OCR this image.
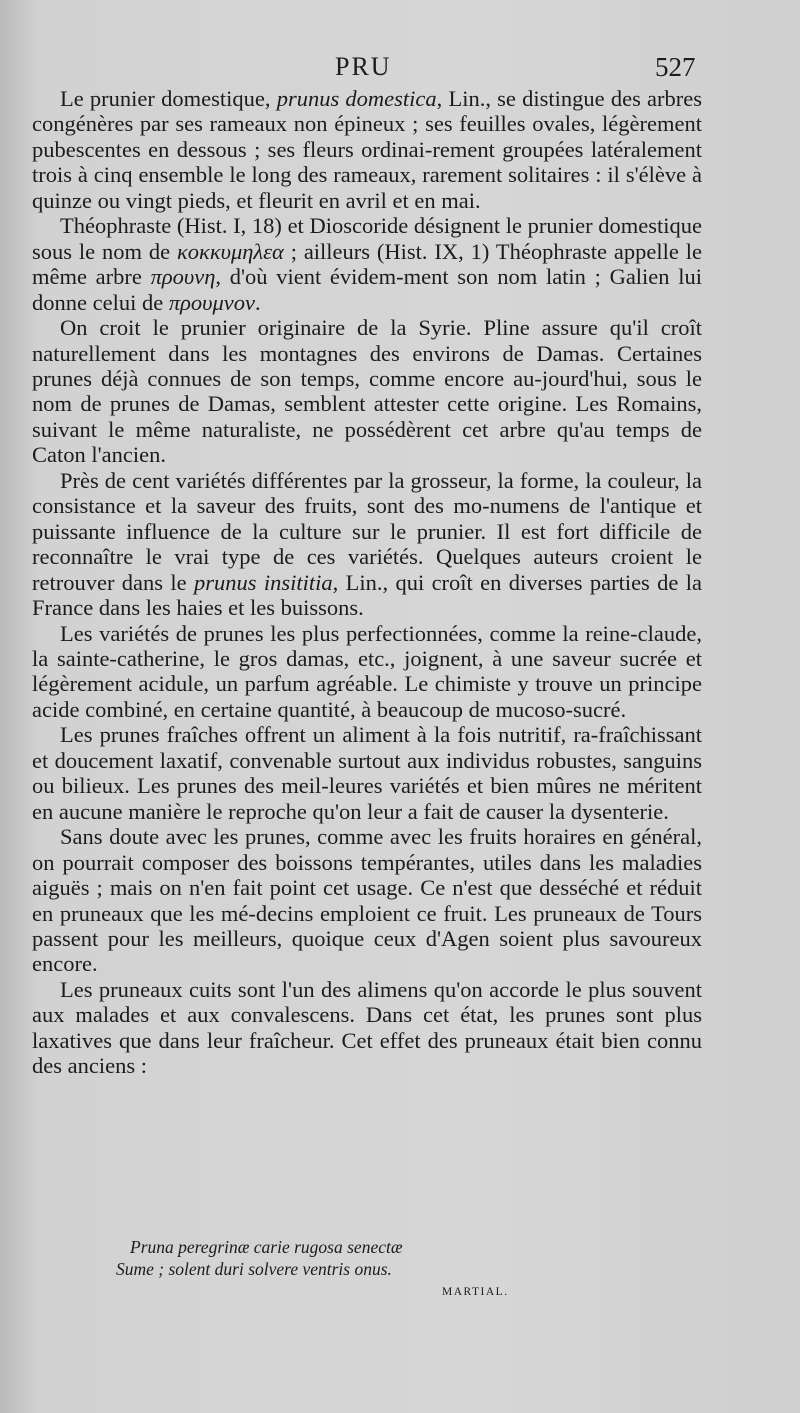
PRU	527

Le prunier domestique, prunus domestica, Lin., se distingue des arbres congénères par ses rameaux non épineux ; ses feuilles ovales, légèrement pubescentes en dessous ; ses fleurs ordinai-rement groupées latéralement trois à cinq ensemble le long des rameaux, rarement solitaires : il s'élève à quinze ou vingt pieds, et fleurit en avril et en mai.

Théophraste (Hist. I, 18) et Dioscoride désignent le prunier domestique sous le nom de κοκκυμηλεα ; ailleurs (Hist. IX, 1) Théophraste appelle le même arbre προυνη, d'où vient évidem-ment son nom latin ; Galien lui donne celui de προυμνον.

On croit le prunier originaire de la Syrie. Pline assure qu'il croît naturellement dans les montagnes des environs de Damas. Certaines prunes déjà connues de son temps, comme encore au-jourd'hui, sous le nom de prunes de Damas, semblent attester cette origine. Les Romains, suivant le même naturaliste, ne possédèrent cet arbre qu'au temps de Caton l'ancien.

Près de cent variétés différentes par la grosseur, la forme, la couleur, la consistance et la saveur des fruits, sont des mo-numens de l'antique et puissante influence de la culture sur le prunier. Il est fort difficile de reconnaître le vrai type de ces variétés. Quelques auteurs croient le retrouver dans le prunus insititia, Lin., qui croît en diverses parties de la France dans les haies et les buissons.

Les variétés de prunes les plus perfectionnées, comme la reine-claude, la sainte-catherine, le gros damas, etc., joignent, à une saveur sucrée et légèrement acidule, un parfum agréable. Le chimiste y trouve un principe acide combiné, en certaine quantité, à beaucoup de mucoso-sucré.

Les prunes fraîches offrent un aliment à la fois nutritif, ra-fraîchissant et doucement laxatif, convenable surtout aux individus robustes, sanguins ou bilieux. Les prunes des meil-leures variétés et bien mûres ne méritent en aucune manière le reproche qu'on leur a fait de causer la dysenterie.

Sans doute avec les prunes, comme avec les fruits horaires en général, on pourrait composer des boissons tempérantes, utiles dans les maladies aiguës ; mais on n'en fait point cet usage. Ce n'est que desséché et réduit en pruneaux que les mé-decins emploient ce fruit. Les pruneaux de Tours passent pour les meilleurs, quoique ceux d'Agen soient plus savoureux encore.

Les pruneaux cuits sont l'un des alimens qu'on accorde le plus souvent aux malades et aux convalescens. Dans cet état, les prunes sont plus laxatives que dans leur fraîcheur. Cet effet des pruneaux était bien connu des anciens :

Pruna peregrinæ carie rugosa senectæ
Sume ; solent duri solvere ventris onus.
MARTIAL.
